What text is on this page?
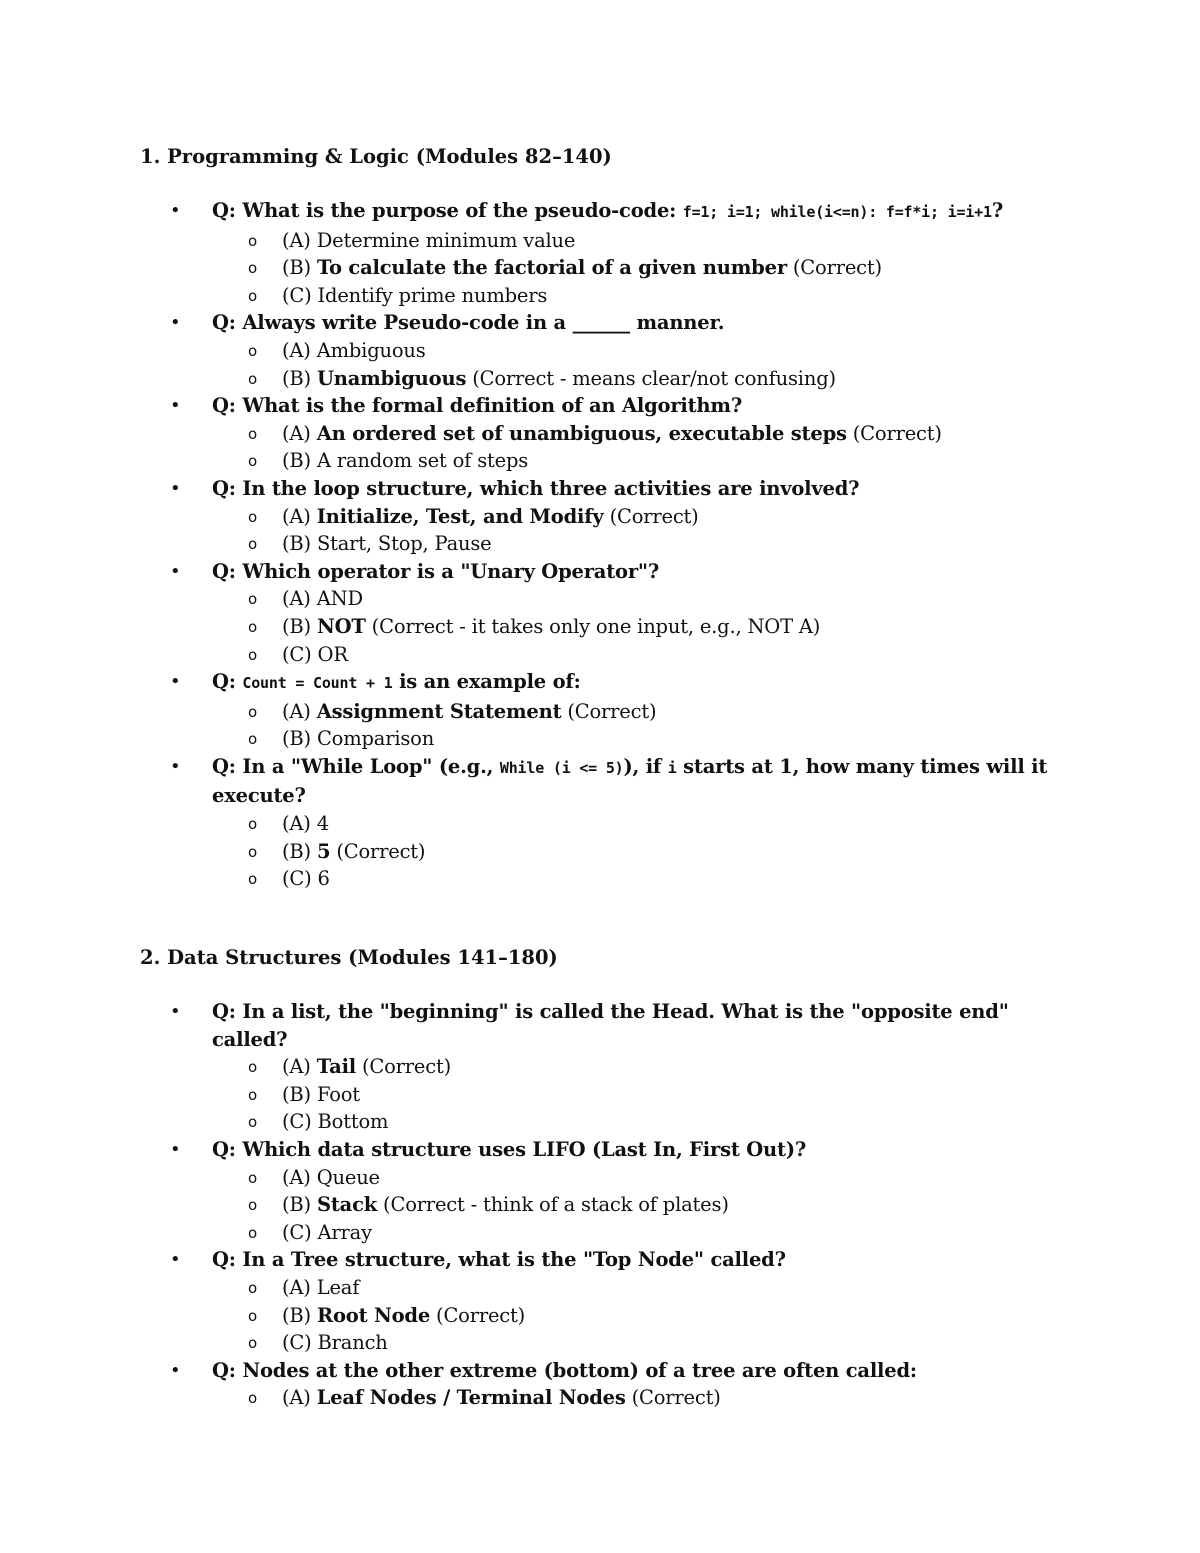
1. Programming & Logic (Modules 82–140)
•	Q: What is the purpose of the pseudo-code: f=1; i=1; while(i<=n): f=f*i; i=i+1?

o (A) Determine minimum value
o (B) To calculate the factorial of a given number (Correct)
o (C) Identify prime numbers
•	Q: Always write Pseudo-code in a ______ manner.

o (A) Ambiguous
o (B) Unambiguous (Correct - means clear/not confusing)
•	Q: What is the formal definition of an Algorithm?

o (A) An ordered set of unambiguous, executable steps (Correct)
o (B) A random set of steps
•	Q: In the loop structure, which three activities are involved?

o (A) Initialize, Test, and Modify (Correct)
o (B) Start, Stop, Pause
•	Q: Which operator is a "Unary Operator"?

o (A) AND
o (B) NOT (Correct - it takes only one input, e.g., NOT A)
o (C) OR
•	Q: Count = Count + 1 is an example of:

o (A) Assignment Statement (Correct)
o (B) Comparison
•	Q: In a "While Loop" (e.g., While (i <= 5)), if i starts at 1, how many times will it execute?

o (A) 4
o (B) 5 (Correct)
o (C) 6
2. Data Structures (Modules 141–180)
•	Q: In a list, the "beginning" is called the Head. What is the "opposite end" called?

o (A) Tail (Correct)
o (B) Foot
o (C) Bottom
•	Q: Which data structure uses LIFO (Last In, First Out)?

o (A) Queue
o (B) Stack (Correct - think of a stack of plates)
o (C) Array
•	Q: In a Tree structure, what is the "Top Node" called?

o (A) Leaf
o (B) Root Node (Correct)
o (C) Branch
•	Q: Nodes at the other extreme (bottom) of a tree are often called:

o (A) Leaf Nodes / Terminal Nodes (Correct)
